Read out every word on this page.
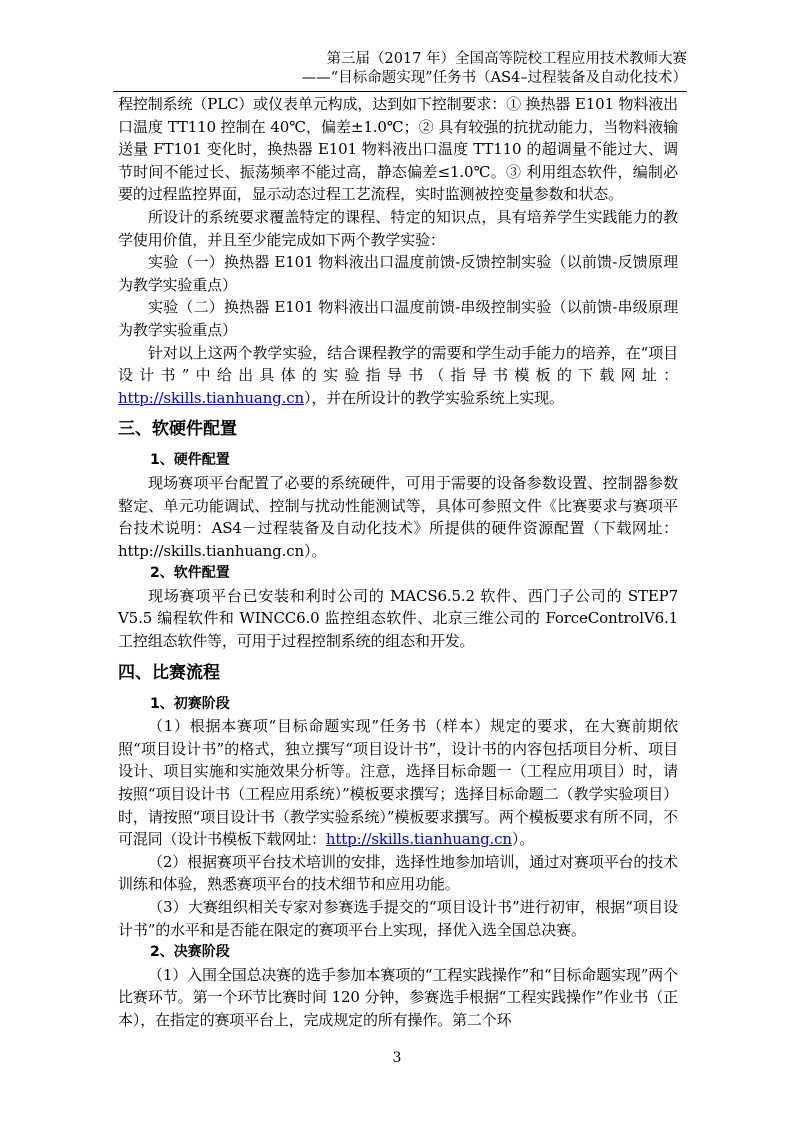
第三届（2017 年）全国高等院校工程应用技术教师大赛
——“目标命题实现”任务书（AS4–过程装备及自动化技术）

程控制系统（PLC）或仪表单元构成，达到如下控制要求：① 换热器 E101 物料液出口温度 TT110 控制在 40℃，偏差±1.0℃；② 具有较强的抗扰动能力，当物料液输送量 FT101 变化时，换热器 E101 物料液出口温度 TT110 的超调量不能过大、调节时间不能过长、振荡频率不能过高，静态偏差≤1.0℃。③ 利用组态软件，编制必要的过程监控界面，显示动态过程工艺流程，实时监测被控变量参数和状态。

所设计的系统要求覆盖特定的课程、特定的知识点，具有培养学生实践能力的教学使用价值，并且至少能完成如下两个教学实验：

实验（一）换热器 E101 物料液出口温度前馈-反馈控制实验（以前馈-反馈原理为教学实验重点）

实验（二）换热器 E101 物料液出口温度前馈-串级控制实验（以前馈-串级原理为教学实验重点）

针对以上这两个教学实验，结合课程教学的需要和学生动手能力的培养，在“项目设计书”中给出具体的实验指导书（指导书模板的下载网址：http://skills.tianhuang.cn），并在所设计的教学实验系统上实现。

三、软硬件配置
1、硬件配置

现场赛项平台配置了必要的系统硬件，可用于需要的设备参数设置、控制器参数整定、单元功能调试、控制与扰动性能测试等，具体可参照文件《比赛要求与赛项平台技术说明：AS4－过程装备及自动化技术》所提供的硬件资源配置（下载网址：http://skills.tianhuang.cn）。

2、软件配置

现场赛项平台已安装和利时公司的 MACS6.5.2 软件、西门子公司的 STEP7 V5.5 编程软件和 WINCC6.0 监控组态软件、北京三维公司的 ForceControlV6.1 工控组态软件等，可用于过程控制系统的组态和开发。

四、比赛流程
1、初赛阶段

（1）根据本赛项“目标命题实现”任务书（样本）规定的要求，在大赛前期依照“项目设计书”的格式，独立撰写“项目设计书”，设计书的内容包括项目分析、项目设计、项目实施和实施效果分析等。注意，选择目标命题一（工程应用项目）时，请按照“项目设计书（工程应用系统）”模板要求撰写；选择目标命题二（教学实验项目）时，请按照“项目设计书（教学实验系统）”模板要求撰写。两个模板要求有所不同，不可混同（设计书模板下载网址：http://skills.tianhuang.cn）。

（2）根据赛项平台技术培训的安排，选择性地参加培训，通过对赛项平台的技术训练和体验，熟悉赛项平台的技术细节和应用功能。

（3）大赛组织相关专家对参赛选手提交的“项目设计书”进行初审，根据“项目设计书”的水平和是否能在限定的赛项平台上实现，择优入选全国总决赛。

2、决赛阶段

（1）入围全国总决赛的选手参加本赛项的“工程实践操作”和“目标命题实现”两个比赛环节。第一个环节比赛时间 120 分钟，参赛选手根据“工程实践操作”作业书（正本），在指定的赛项平台上，完成规定的所有操作。第二个环

3
